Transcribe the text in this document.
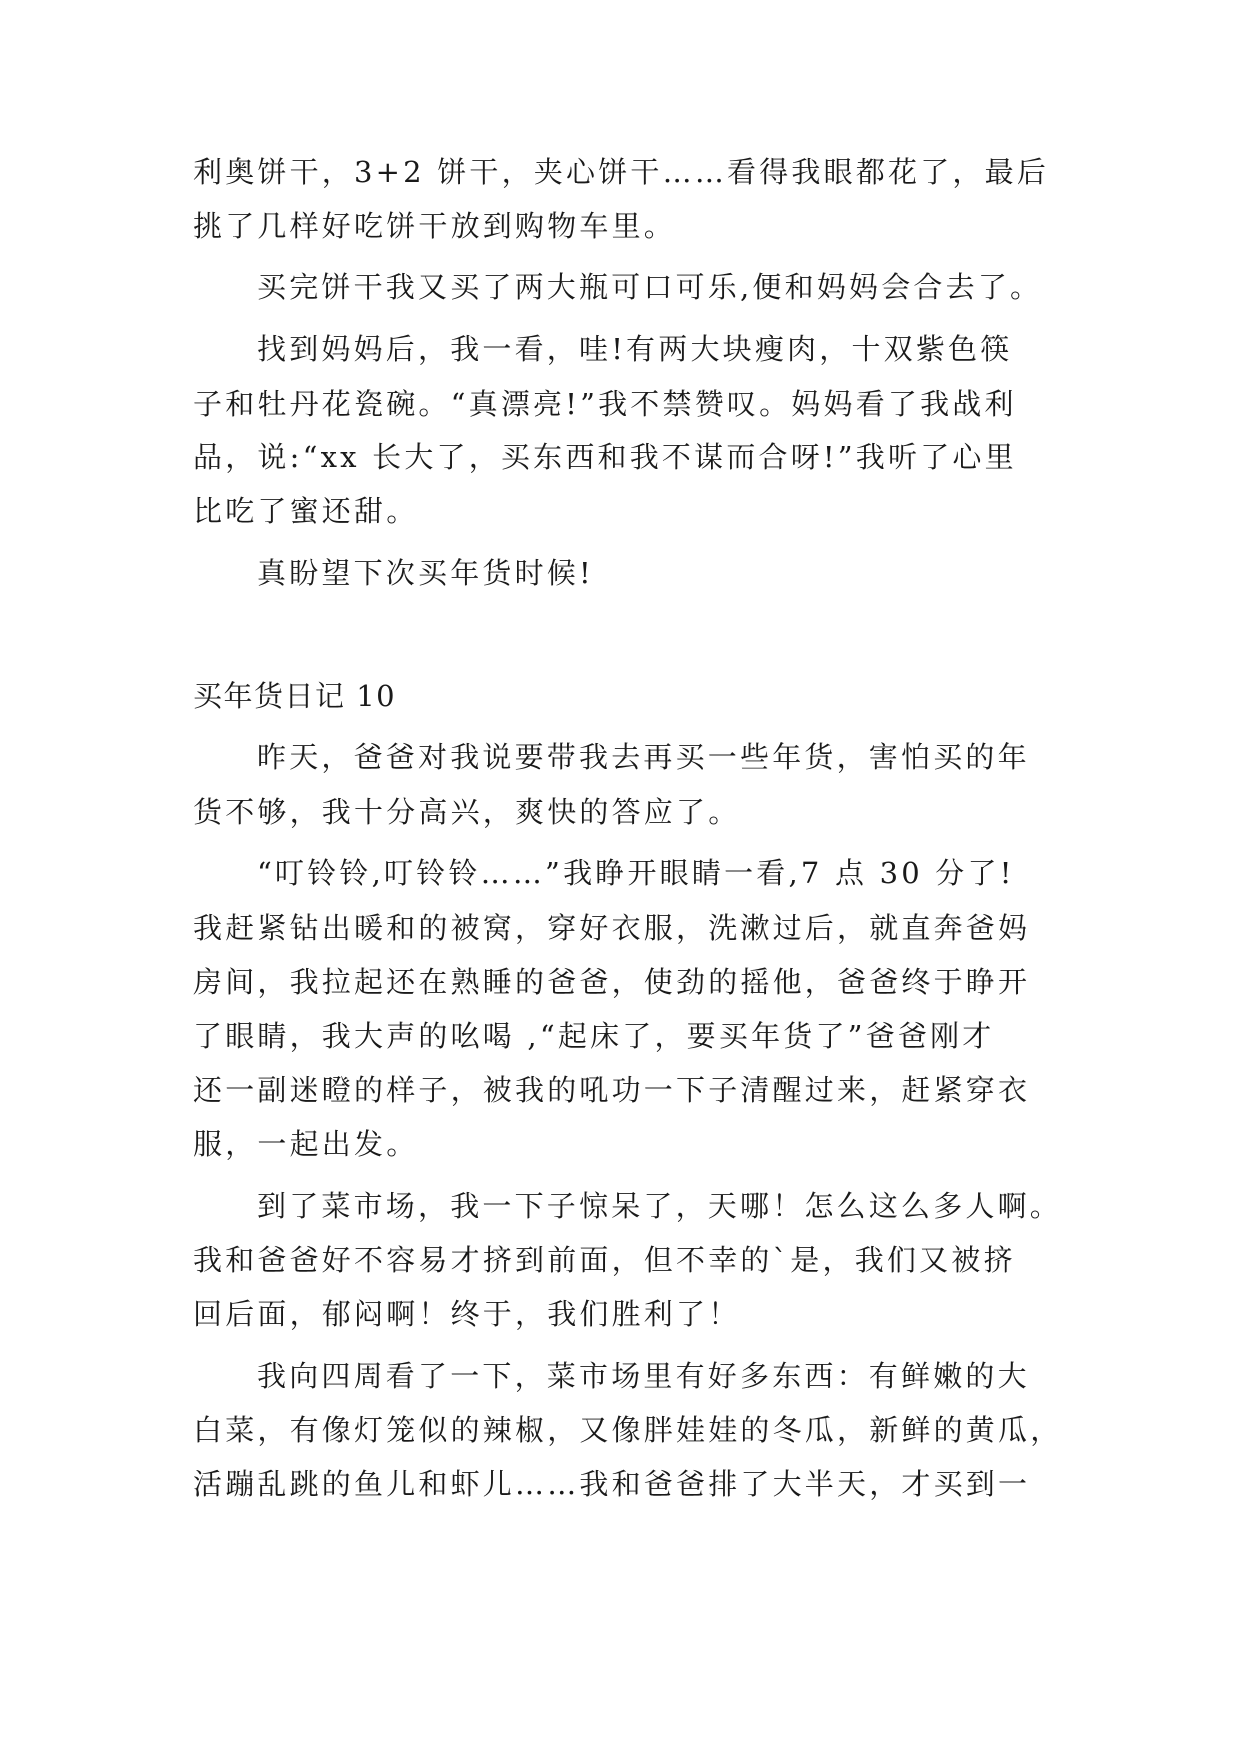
利奥饼干，3+2 饼干，夹心饼干……看得我眼都花了，最后
挑了几样好吃饼干放到购物车里。
买完饼干我又买了两大瓶可口可乐,便和妈妈会合去了。
找到妈妈后，我一看，哇!有两大块瘦肉，十双紫色筷
子和牡丹花瓷碗。“真漂亮!”我不禁赞叹。妈妈看了我战利
品，说:“xx 长大了，买东西和我不谋而合呀!”我听了心里
比吃了蜜还甜。
真盼望下次买年货时候!
买年货日记 10
昨天，爸爸对我说要带我去再买一些年货，害怕买的年
货不够，我十分高兴，爽快的答应了。
“叮铃铃,叮铃铃……”我睁开眼睛一看,7 点 30 分了!
我赶紧钻出暖和的被窝，穿好衣服，洗漱过后，就直奔爸妈
房间，我拉起还在熟睡的爸爸，使劲的摇他，爸爸终于睁开
了眼睛，我大声的吆喝 ,“起床了，要买年货了”爸爸刚才
还一副迷瞪的样子，被我的吼功一下子清醒过来，赶紧穿衣
服，一起出发。
到了菜市场，我一下子惊呆了，天哪！怎么这么多人啊。
我和爸爸好不容易才挤到前面，但不幸的`是，我们又被挤
回后面，郁闷啊！终于，我们胜利了！
我向四周看了一下，菜市场里有好多东西：有鲜嫩的大
白菜，有像灯笼似的辣椒，又像胖娃娃的冬瓜，新鲜的黄瓜，
活蹦乱跳的鱼儿和虾儿……我和爸爸排了大半天，才买到一
